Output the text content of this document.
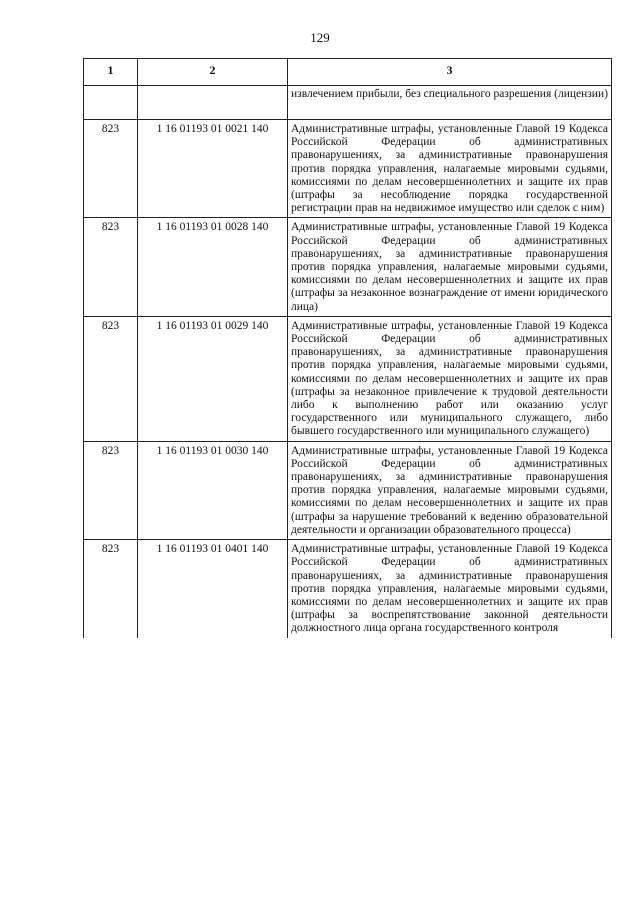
129
1	2	3
		извлечением прибыли, без специального разрешения (лицензии)
823	1 16 01193 01 0021 140	Административные штрафы, установленные Главой 19 Кодекса Российской Федерации об административных правонарушениях, за административные правонарушения против порядка управления, налагаемые мировыми судьями, комиссиями по делам несовершеннолетних и защите их прав (штрафы за несоблюдение порядка государственной регистрации прав на недвижимое имущество или сделок с ним)
823	1 16 01193 01 0028 140	Административные штрафы, установленные Главой 19 Кодекса Российской Федерации об административных правонарушениях, за административные правонарушения против порядка управления, налагаемые мировыми судьями, комиссиями по делам несовершеннолетних и защите их прав (штрафы за незаконное вознаграждение от имени юридического лица)
823	1 16 01193 01 0029 140	Административные штрафы, установленные Главой 19 Кодекса Российской Федерации об административных правонарушениях, за административные правонарушения против порядка управления, налагаемые мировыми судьями, комиссиями по делам несовершеннолетних и защите их прав (штрафы за незаконное привлечение к трудовой деятельности либо к выполнению работ или оказанию услуг государственного или муниципального служащего, либо бывшего государственного или муниципального служащего)
823	1 16 01193 01 0030 140	Административные штрафы, установленные Главой 19 Кодекса Российской Федерации об административных правонарушениях, за административные правонарушения против порядка управления, налагаемые мировыми судьями, комиссиями по делам несовершеннолетних и защите их прав (штрафы за нарушение требований к ведению образовательной деятельности и организации образовательного процесса)
823	1 16 01193 01 0401 140	Административные штрафы, установленные Главой 19 Кодекса Российской Федерации об административных правонарушениях, за административные правонарушения против порядка управления, налагаемые мировыми судьями, комиссиями по делам несовершеннолетних и защите их прав (штрафы за воспрепятствование законной деятельности должностного лица органа государственного контроля
